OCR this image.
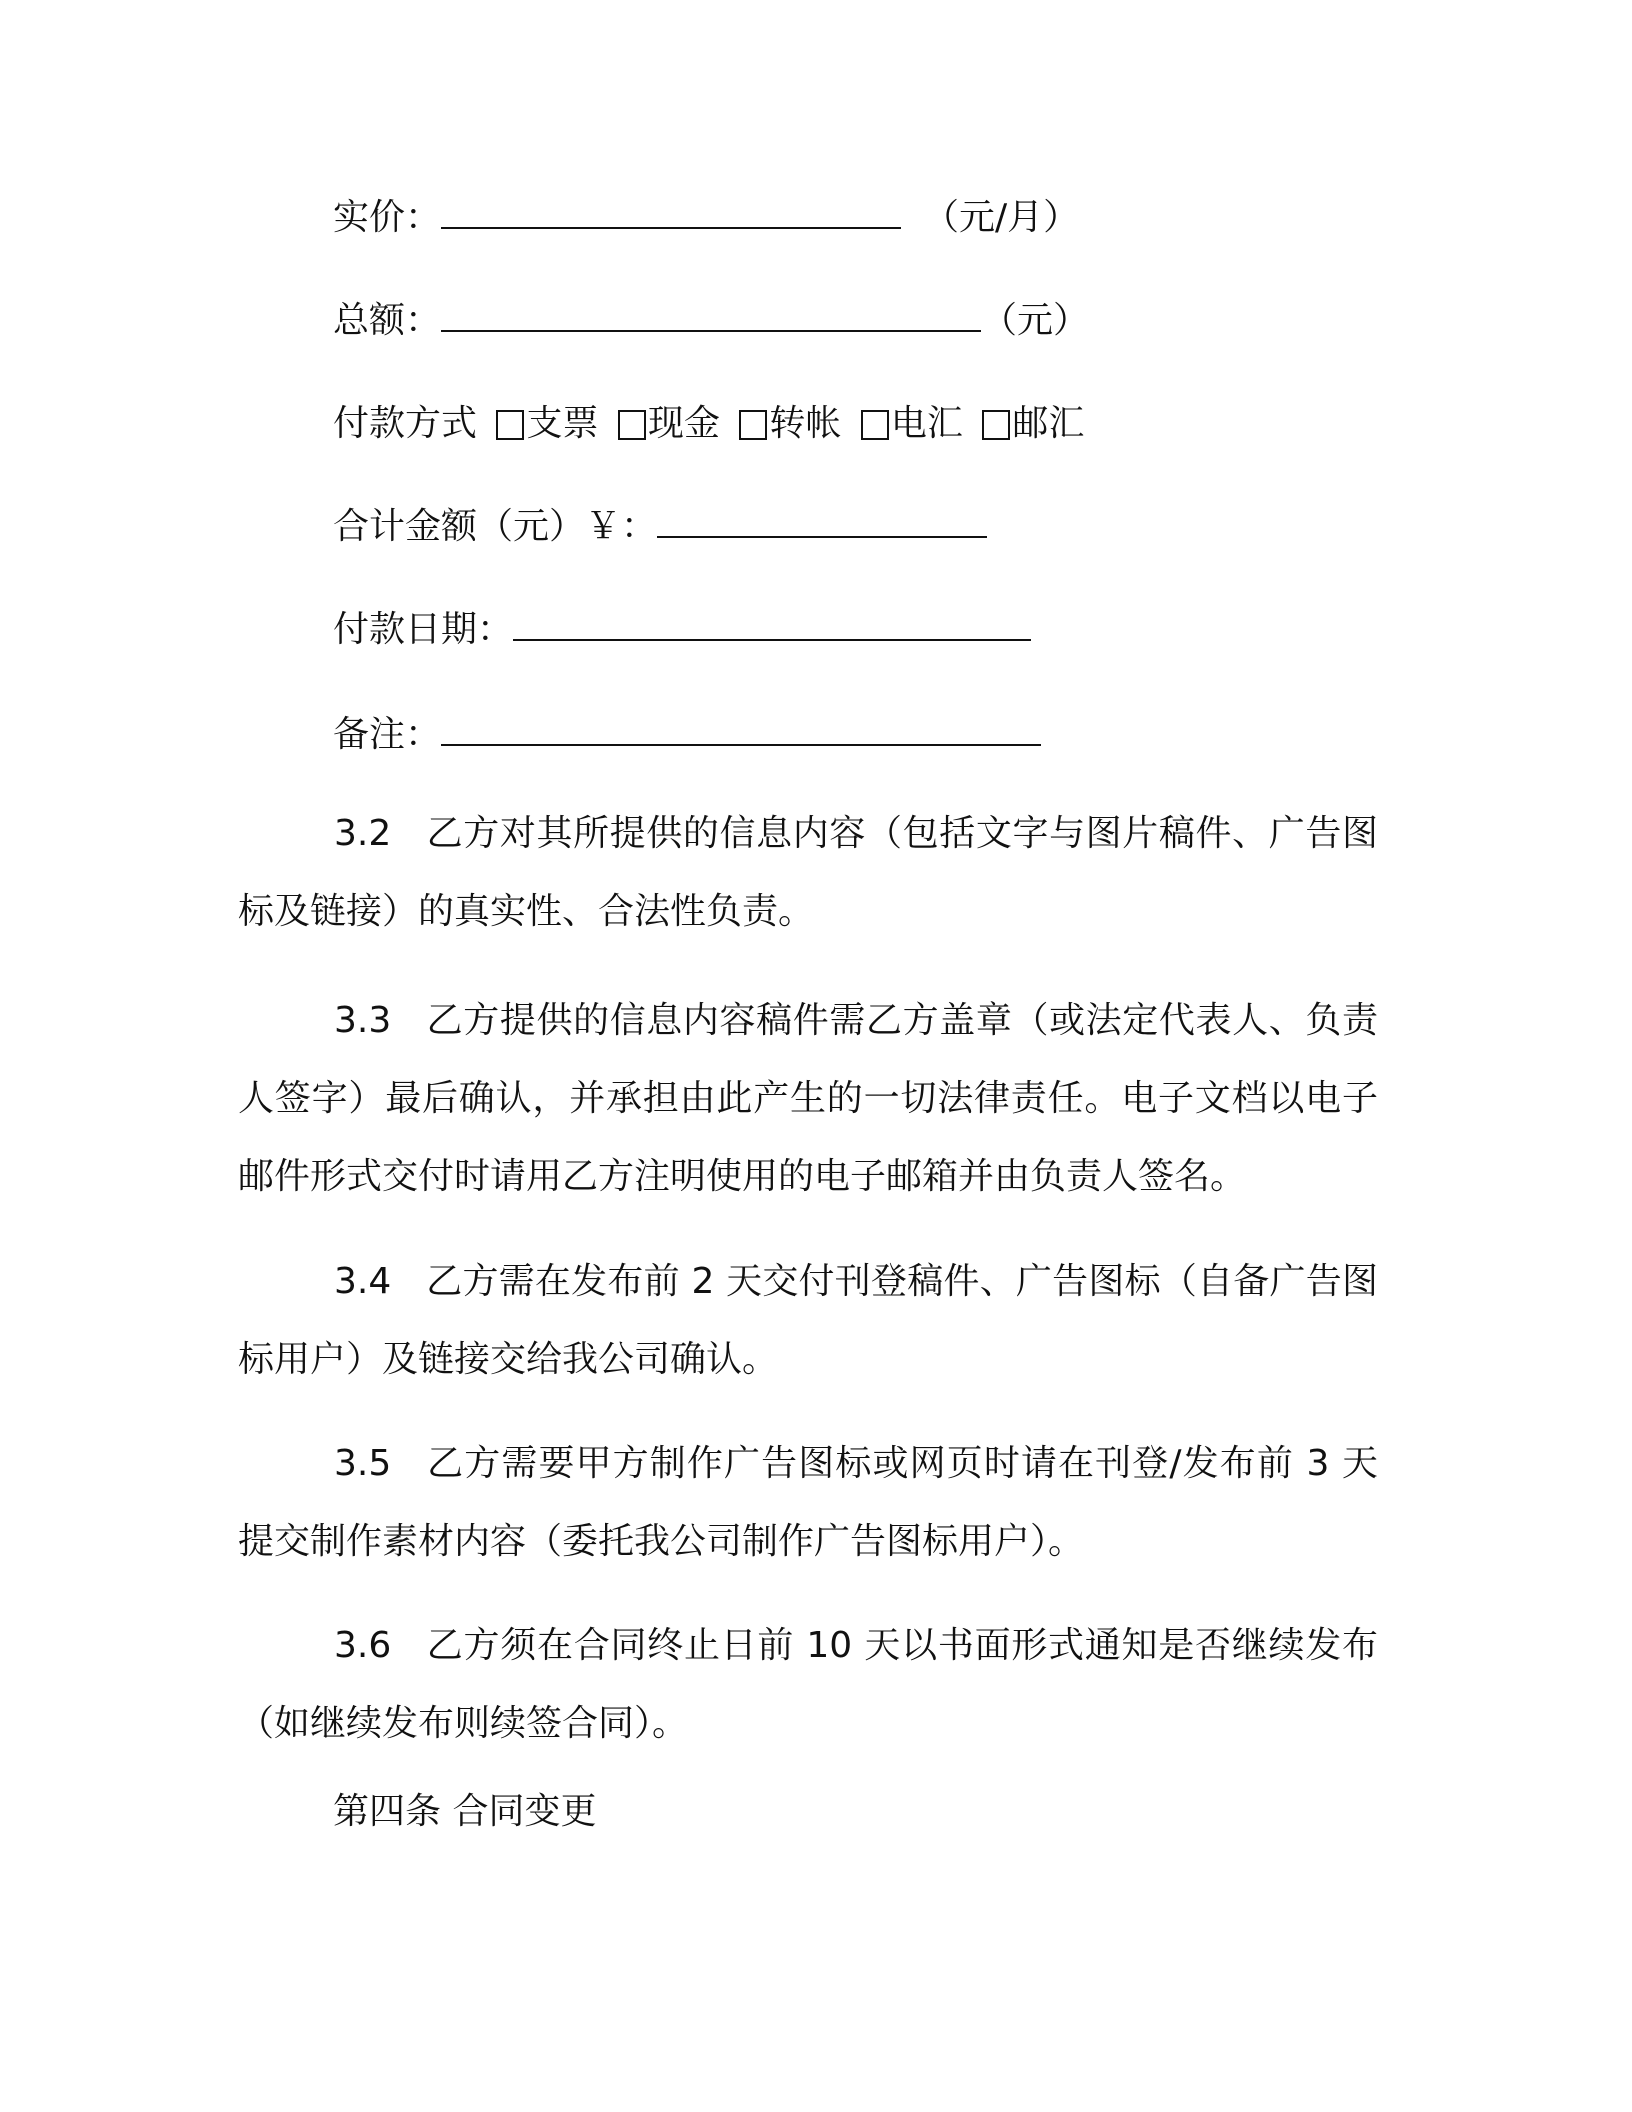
实价：	（元/月）
总额：	（元）
付款方式 支票 现金 转帐 电汇 邮汇
合计金额（元）￥：
付款日期：
备注：

3.2 乙方对其所提供的信息内容（包括文字与图片稿件、广告图标及链接）的真实性、合法性负责。

3.3 乙方提供的信息内容稿件需乙方盖章（或法定代表人、负责人签字）最后确认，并承担由此产生的一切法律责任。电子文档以电子邮件形式交付时请用乙方注明使用的电子邮箱并由负责人签名。

3.4 乙方需在发布前 2 天交付刊登稿件、广告图标（自备广告图标用户）及链接交给我公司确认。

3.5 乙方需要甲方制作广告图标或网页时请在刊登/发布前 3 天提交制作素材内容（委托我公司制作广告图标用户）。

3.6 乙方须在合同终止日前 10 天以书面形式通知是否继续发布（如继续发布则续签合同）。

第四条 合同变更
